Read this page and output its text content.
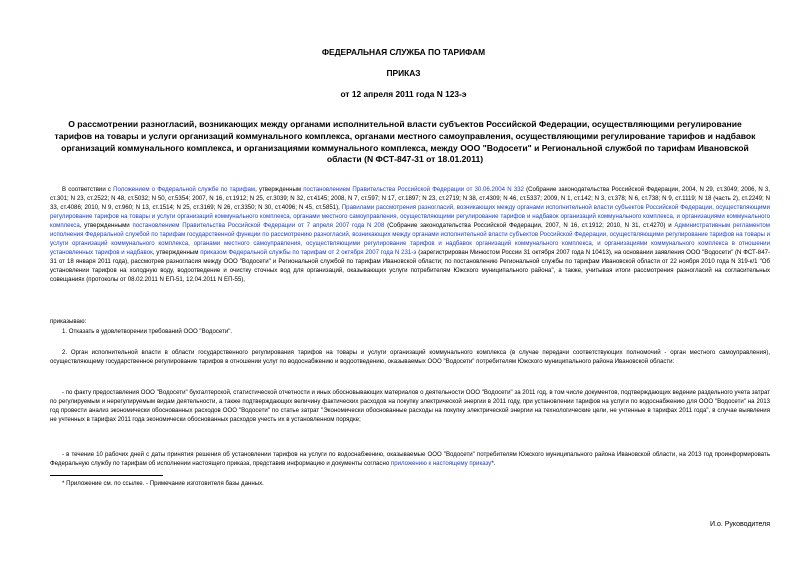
ФЕДЕРАЛЬНАЯ СЛУЖБА ПО ТАРИФАМ
ПРИКАЗ
от 12 апреля 2011 года N 123-э
О рассмотрении разногласий, возникающих между органами исполнительной власти субъектов Российской Федерации, осуществляющими регулирование тарифов на товары и услуги организаций коммунального комплекса, органами местного самоуправления, осуществляющими регулирование тарифов и надбавок организаций коммунального комплекса, и организациями коммунального комплекса, между ООО "Водосети" и Региональной службой по тарифам Ивановской области (N ФСТ-847-31 от 18.01.2011)

В соответствии с Положением о Федеральной службе по тарифам, утвержденным постановлением Правительства Российской Федерации от 30.06.2004 N 332 (Собрание законодательства Российской Федерации, 2004, N 29, ст.3049; 2006, N 3, ст.301; N 23, ст.2522; N 48, ст.5032; N 50, ст.5354; 2007, N 16, ст.1912; N 25, ст.3039; N 32, ст.4145; 2008, N 7, ст.597; N 17, ст.1897; N 23, ст.2719; N 38, ст.4309; N 46, ст.5337; 2009, N 1, ст.142; N 3, ст.378; N 6, ст.738; N 9, ст.1119; N 18 (часть 2), ст.2249; N 33, ст.4086; 2010, N 9, ст.960; N 13, ст.1514; N 25, ст.3169; N 26, ст.3350; N 30, ст.4096; N 45, ст.5851), Правилами рассмотрения разногласий, возникающих между органами исполнительной власти субъектов Российской Федерации, осуществляющими регулирование тарифов на товары и услуги организаций коммунального комплекса, органами местного самоуправления, осуществляющими регулирование тарифов и надбавок организаций коммунального комплекса, и организациями коммунального комплекса, утвержденными постановлением Правительства Российской Федерации от 7 апреля 2007 года N 208 (Собрание законодательства Российской Федерации, 2007, N 16, ст.1912; 2010, N 31, ст.4270) и Административным регламентом исполнения Федеральной службой по тарифам государственной функции по рассмотрению разногласий, возникающих между органами исполнительной власти субъектов Российской Федерации, осуществляющими регулирование тарифов на товары и услуги организаций коммунального комплекса, органами местного самоуправления, осуществляющими регулирование тарифов и надбавок организаций коммунального комплекса, и организациями коммунального комплекса в отношении установленных тарифов и надбавок, утвержденным приказом Федеральной службы по тарифам от 2 октября 2007 года N 231-э (зарегистрирован Минюстом России 31 октября 2007 года N 10413), на основании заявления ООО "Водосети" (N ФСТ-847-31 от 18 января 2011 года), рассмотрев разногласия между ООО "Водосети" и Региональной службой по тарифам Ивановской области; по постановлению Региональной службы по тарифам Ивановской области от 22 ноября 2010 года N 319-к/1 "Об установлении тарифов на холодную воду, водоотведение и очистку сточных вод для организаций, оказывающих услуги потребителям Южского муниципального района", а также, учитывая итоги рассмотрения разногласий на согласительных совещаниях (протоколы от 08.02.2011 N ЕП-51, 12.04.2011 N ЕП-55),

приказываю:

1. Отказать в удовлетворении требований ООО "Водосети".

2. Орган исполнительной власти в области государственного регулирования тарифов на товары и услуги организаций коммунального комплекса (в случае передачи соответствующих полномочий - орган местного самоуправления), осуществляющему государственное регулирование тарифов в отношении услуг по водоснабжению и водоотведению, оказываемых ООО "Водосети" потребителям Южского муниципального района Ивановской области:

- по факту предоставления ООО "Водосети" бухгалтерской, статистической отчетности и иных обосновывающих материалов о деятельности ООО "Водосети" за 2011 год, в том числе документов, подтверждающих ведение раздельного учета затрат по регулируемым и нерегулируемым видам деятельности, а также подтверждающих величину фактических расходов на покупку электрической энергии в 2011 году, при установлении тарифов на услуги по водоснабжению для ООО "Водосети" на 2013 год провести анализ экономически обоснованных расходов ООО "Водосети" по статье затрат "Экономически обоснованные расходы на покупку электрической энергии на технологические цели, не учтенные в тарифах 2011 года", в случае выявления не учтенных в тарифах 2011 года экономически обоснованных расходов учесть их в установленном порядке;

- в течение 10 рабочих дней с даты принятия решения об установлении тарифов на услуги по водоснабжению, оказываемые ООО "Водосети" потребителям Южского муниципального района Ивановской области, на 2013 год проинформировать Федеральную службу по тарифам об исполнении настоящего приказа, представив информацию и документы согласно приложению к настоящему приказу*.

* Приложение см. по ссылке. - Примечание изготовителя базы данных.
И.о. Руководителя
